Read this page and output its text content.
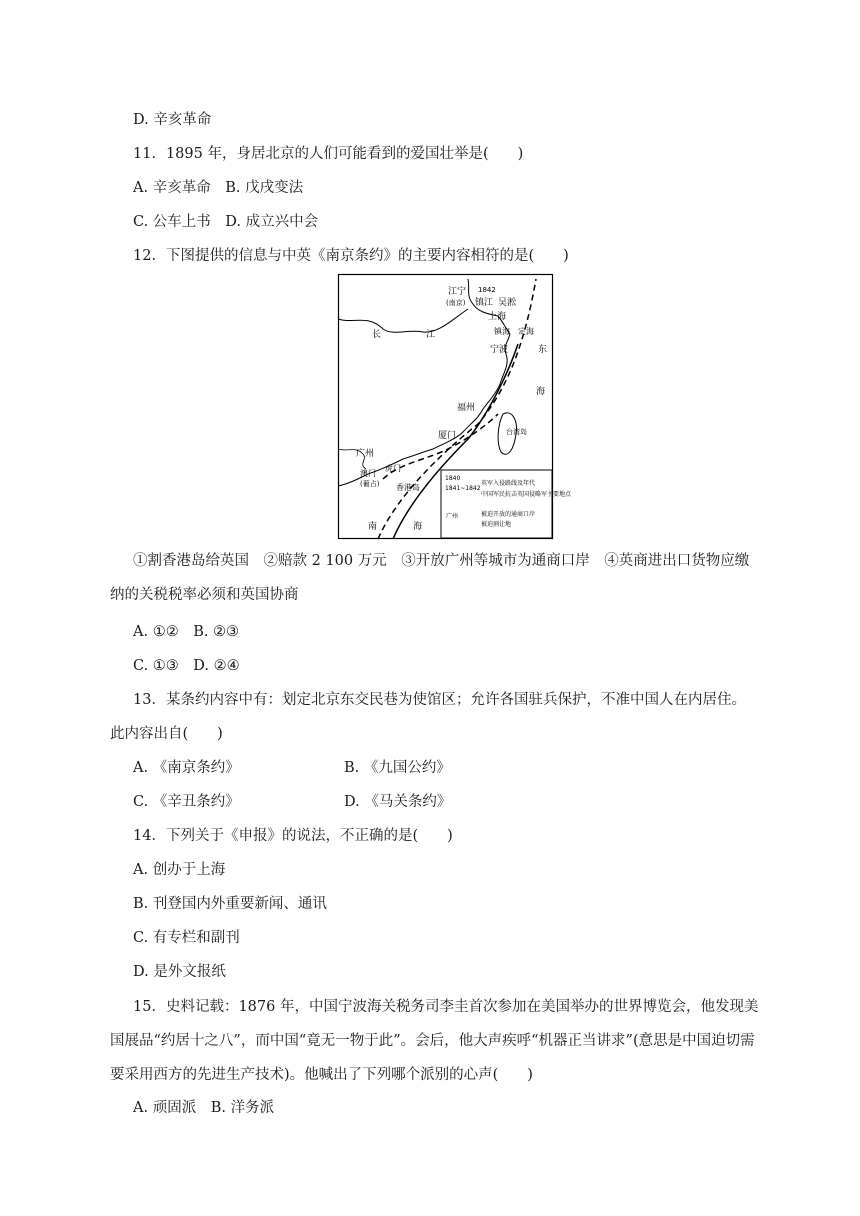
D. 辛亥革命
11．1895 年，身居北京的人们可能看到的爱国壮举是(　　)
A. 辛亥革命　B. 戊戌变法
C. 公车上书　D. 成立兴中会
12．下图提供的信息与中英《南京条约》的主要内容相符的是(　　)
江宁
(南京)
1842
镇江 吴淞
上海
镇海 定海
宁波
福州
厦门
广州
澳门
(葡占)
虎门
香港岛
台湾岛
长	江
东
海
南	海
1840
1841~1842
英军入侵路线及年代
中国军民抗击英国侵略军主要地点
被迫开放的通商口岸
被迫割让地
广州
①割香港岛给英国　②赔款 2 100 万元　③开放广州等城市为通商口岸　④英商进出口货物应缴纳的关税税率必须和英国协商
A. ①②　B. ②③
C. ①③　D. ②④
13．某条约内容中有：划定北京东交民巷为使馆区；允许各国驻兵保护，不准中国人在内居住。
此内容出自(　　)
A. 《南京条约》	B. 《九国公约》
C. 《辛丑条约》	D. 《马关条约》
14．下列关于《申报》的说法，不正确的是(　　)
A. 创办于上海
B. 刊登国内外重要新闻、通讯
C. 有专栏和副刊
D. 是外文报纸
15．史料记载：1876 年，中国宁波海关税务司李圭首次参加在美国举办的世界博览会，他发现美国展品“约居十之八”，而中国“竟无一物于此”。会后，他大声疾呼“机器正当讲求”(意思是中国迫切需要采用西方的先进生产技术)。他喊出了下列哪个派别的心声(　　)
A. 顽固派　B. 洋务派
